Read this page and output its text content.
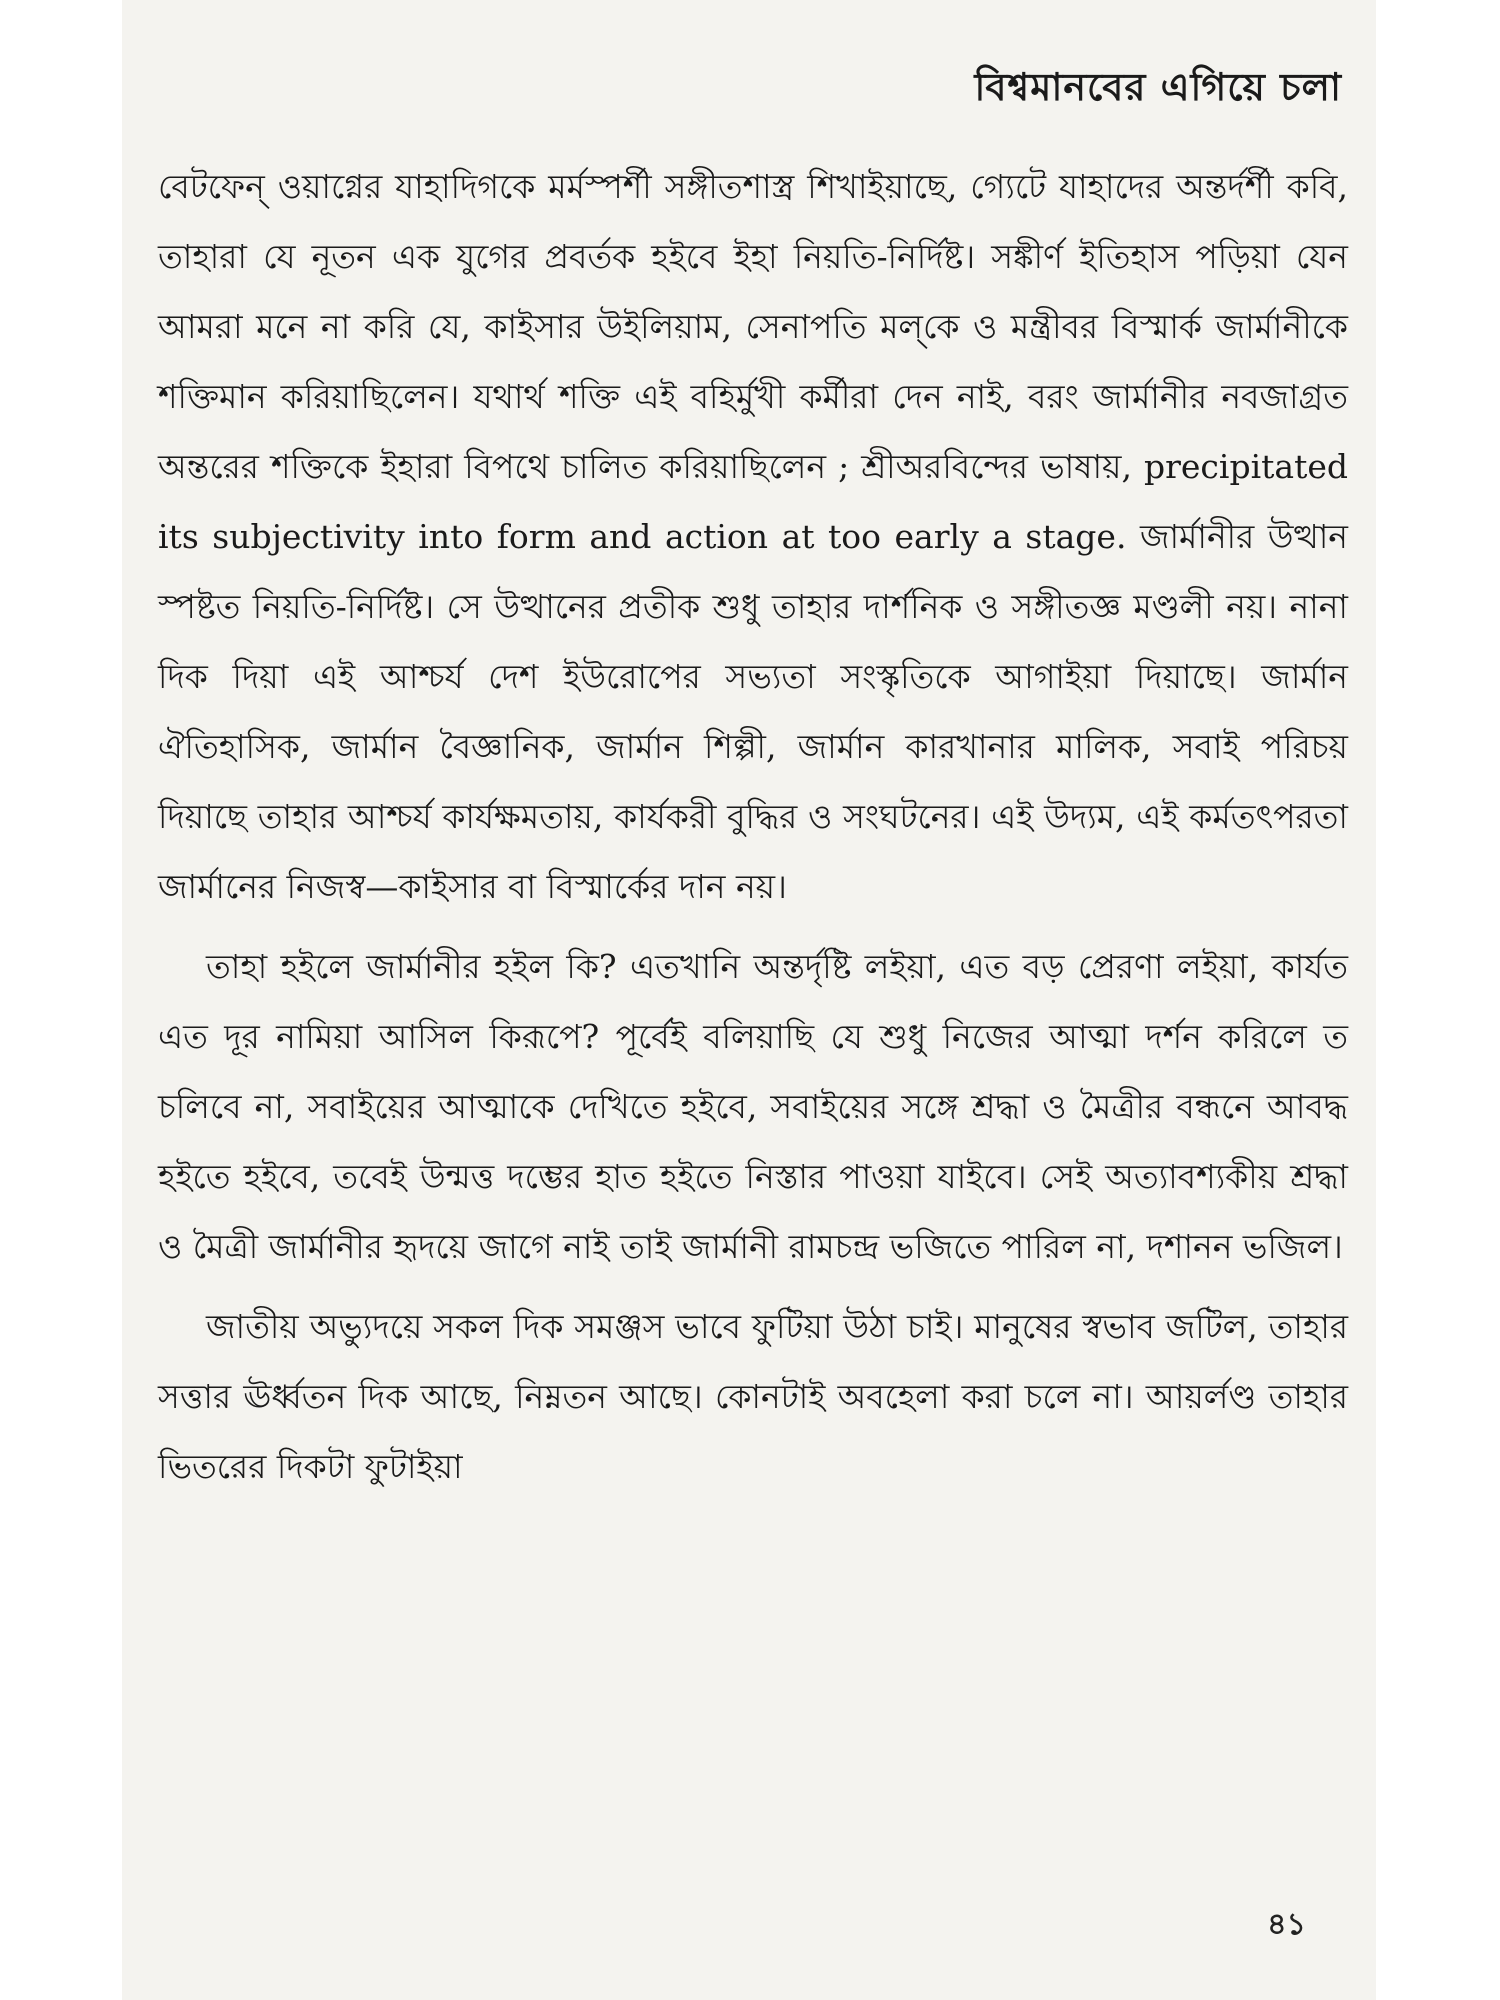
বিশ্বমানবের এগিয়ে চলা

বেটফেন্ ওয়াগ্নের যাহাদিগকে মর্মস্পর্শী সঙ্গীতশাস্ত্র শিখাইয়াছে, গ্যেটে যাহাদের অন্তর্দর্শী কবি, তাহারা যে নূতন এক যুগের প্রবর্তক হইবে ইহা নিয়তি-নির্দিষ্ট। সঙ্কীর্ণ ইতিহাস পড়িয়া যেন আমরা মনে না করি যে, কাইসার উইলিয়াম, সেনাপতি মল্‌কে ও মন্ত্রীবর বিস্মার্ক জার্মানীকে শক্তিমান করিয়াছিলেন। যথার্থ শক্তি এই বহির্মুখী কর্মীরা দেন নাই, বরং জার্মানীর নবজাগ্রত অন্তরের শক্তিকে ইহারা বিপথে চালিত করিয়াছিলেন ; শ্রীঅরবিন্দের ভাষায়, precipitated its subjectivity into form and action at too early a stage. জার্মানীর উত্থান স্পষ্টত নিয়তি-নির্দিষ্ট। সে উত্থানের প্রতীক শুধু তাহার দার্শনিক ও সঙ্গীতজ্ঞ মণ্ডলী নয়। নানা দিক দিয়া এই আশ্চর্য দেশ ইউরোপের সভ্যতা সংস্কৃতিকে আগাইয়া দিয়াছে। জার্মান ঐতিহাসিক, জার্মান বৈজ্ঞানিক, জার্মান শিল্পী, জার্মান কারখানার মালিক, সবাই পরিচয় দিয়াছে তাহার আশ্চর্য কার্যক্ষমতায়, কার্যকরী বুদ্ধির ও সংঘটনের। এই উদ্যম, এই কর্মতৎপরতা জার্মানের নিজস্ব—কাইসার বা বিস্মার্কের দান নয়।

তাহা হইলে জার্মানীর হইল কি? এতখানি অন্তর্দৃষ্টি লইয়া, এত বড় প্রেরণা লইয়া, কার্যত এত দূর নামিয়া আসিল কিরূপে? পূর্বেই বলিয়াছি যে শুধু নিজের আত্মা দর্শন করিলে ত চলিবে না, সবাইয়ের আত্মাকে দেখিতে হইবে, সবাইয়ের সঙ্গে শ্রদ্ধা ও মৈত্রীর বন্ধনে আবদ্ধ হইতে হইবে, তবেই উন্মত্ত দম্ভের হাত হইতে নিস্তার পাওয়া যাইবে। সেই অত্যাবশ্যকীয় শ্রদ্ধা ও মৈত্রী জার্মানীর হৃদয়ে জাগে নাই তাই জার্মানী রামচন্দ্র ভজিতে পারিল না, দশানন ভজিল।

জাতীয় অভ্যুদয়ে সকল দিক সমঞ্জস ভাবে ফুটিয়া উঠা চাই। মানুষের স্বভাব জটিল, তাহার সত্তার ঊর্ধ্বতন দিক আছে, নিম্নতন আছে। কোনটাই অবহেলা করা চলে না। আয়র্লণ্ড তাহার ভিতরের দিকটা ফুটাইয়া

৪১
